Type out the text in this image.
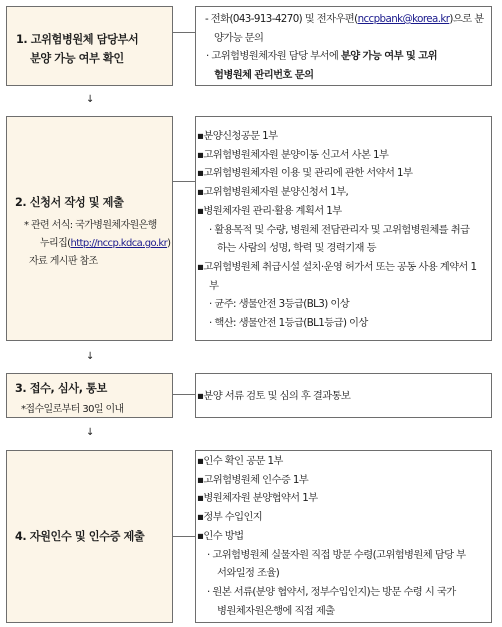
1. 고위험병원체 담당부서
분양 가능 여부 확인
- 전화(043-913-4270) 및 전자우편(nccpbank@korea.kr)으로 분
양가능 문의
· 고위험병원체자원 담당 부서에 분양 가능 여부 및 고위
험병원체 관리번호 문의
↓
2. 신청서 작성 및 제출
* 관련 서식: 국가병원체자원은행
누리집(http://nccp.kdca.go.kr)
자료 게시판 참조
▪분양신청공문 1부
▪고위험병원체자원 분양이동 신고서 사본 1부
▪고위험병원체자원 이용 및 관리에 관한 서약서 1부
▪고위험병원체자원 분양신청서 1부,
▪병원체자원 관리·활용 계획서 1부
· 활용목적 및 수량, 병원체 전담관리자 및 고위험병원체를 취급
하는 사람의 성명, 학력 및 경력기재 등
▪고위험병원체 취급시설 설치·운영 허가서 또는 공동 사용 계약서 1
부
· 균주: 생물안전 3등급(BL3) 이상
· 핵산: 생물안전 1등급(BL1등급) 이상
↓
3. 접수, 심사, 통보
*접수일로부터 30일 이내
▪분양 서류 검토 및 심의 후 결과통보
↓
4. 자원인수 및 인수증 제출
▪인수 확인 공문 1부
▪고위험병원체 인수증 1부
▪병원체자원 분양협약서 1부
▪정부 수입인지
▪인수 방법
· 고위험병원체 실물자원 직접 방문 수령(고위험병원체 담당 부
서와일정 조율)
· 원본 서류(분양 협약서, 정부수입인지)는 방문 수령 시 국가
병원체자원은행에 직접 제출
